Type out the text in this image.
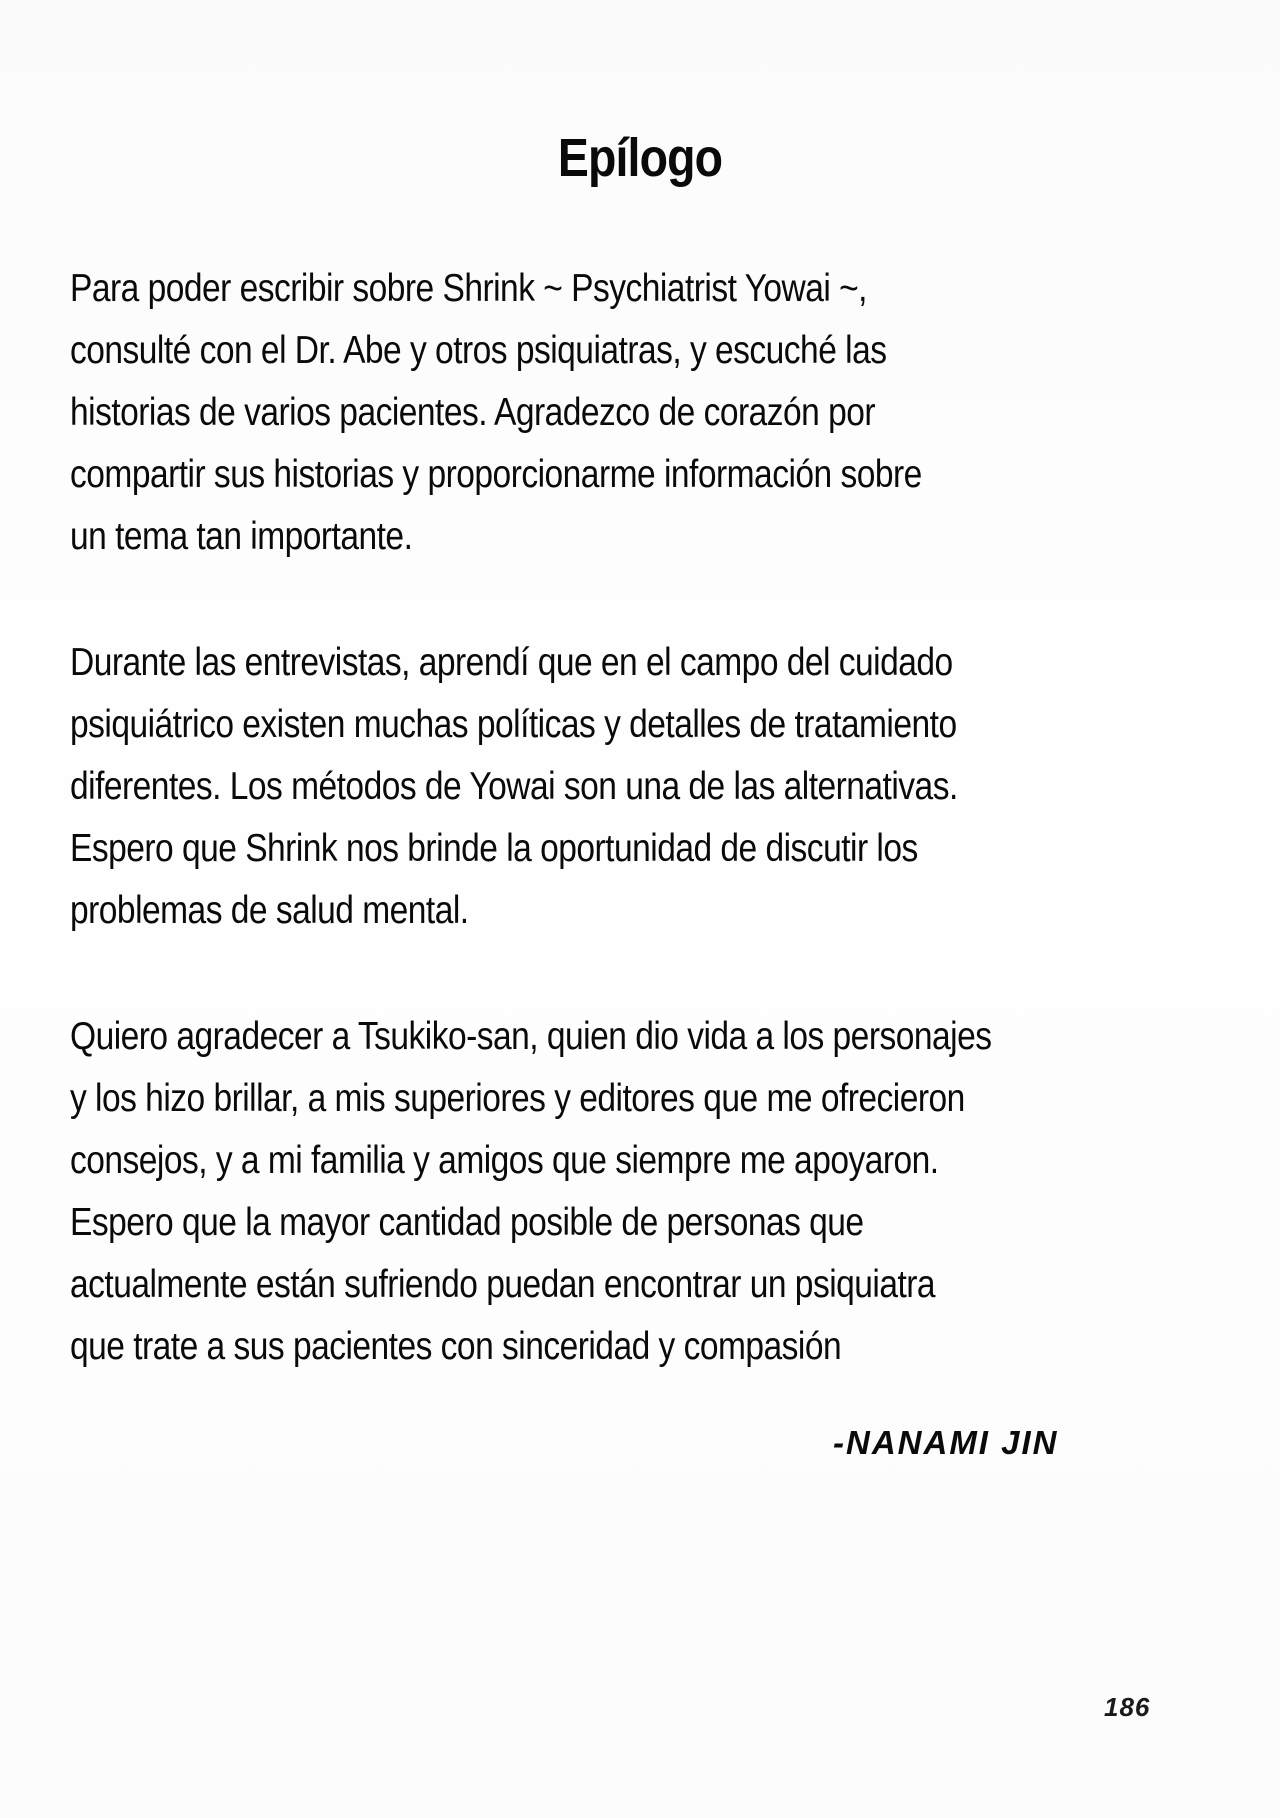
Epílogo

Para poder escribir sobre Shrink ~ Psychiatrist Yowai ~,
consulté con el Dr. Abe y otros psiquiatras, y escuché las
historias de varios pacientes. Agradezco de corazón por
compartir sus historias y proporcionarme información sobre
un tema tan importante.

Durante las entrevistas, aprendí que en el campo del cuidado
psiquiátrico existen muchas políticas y detalles de tratamiento
diferentes. Los métodos de Yowai son una de las alternativas.
Espero que Shrink nos brinde la oportunidad de discutir los
problemas de salud mental.

Quiero agradecer a Tsukiko-san, quien dio vida a los personajes
y los hizo brillar, a mis superiores y editores que me ofrecieron
consejos, y a mi familia y amigos que siempre me apoyaron.
Espero que la mayor cantidad posible de personas que
actualmente están sufriendo puedan encontrar un psiquiatra
que trate a sus pacientes con sinceridad y compasión

-NANAMI JIN

186
